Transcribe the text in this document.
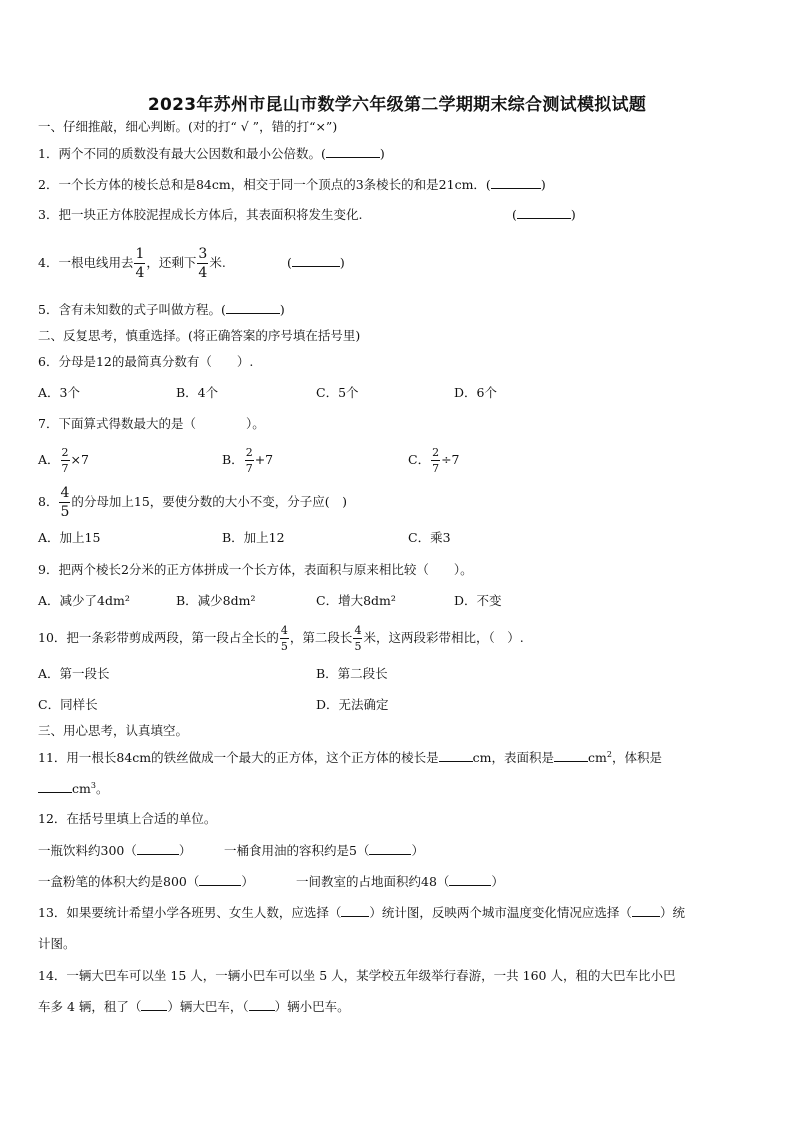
2023年苏州市昆山市数学六年级第二学期期末综合测试模拟试题
一、仔细推敲，细心判断。(对的打“ √ ”，错的打“×”)
1．两个不同的质数没有最大公因数和最小公倍数。(	)
2．一个长方体的棱长总和是84cm，相交于同一个顶点的3条棱长的和是21cm．(	)
3．把一块正方体胶泥捏成长方体后，其表面积将发生变化.	(	)
4．一根电线用去 $\frac{1}{4}$ ，还剩下 $\frac{3}{4}$ 米.	(	)
5．含有未知数的式子叫做方程。(	)
二、反复思考，慎重选择。(将正确答案的序号填在括号里)
6．分母是12的最简真分数有（　　）.
A．3个	B．4个	C．5个	D．6个
7．下面算式得数最大的是（　　　　）。
A． $\frac{2}{7} \times 7$	B． $\frac{2}{7} +7$	C． $\frac{2}{7} \div 7$
8． $\frac{4}{5}$ 的分母加上15，要使分数的大小不变，分子应(　)
A．加上15	B．加上12	C．乘3
9．把两个棱长2分米的正方体拼成一个长方体，表面积与原来相比较（　　）。
A．减少了4dm²	B．减少8dm²	C．增大8dm²	D．不变
10．把一条彩带剪成两段，第一段占全长的 $\frac{4}{5}$ ，第二段长 $\frac{4}{5}$ 米，这两段彩带相比，（　）.
A．第一段长	B．第二段长
C．同样长	D．无法确定
三、用心思考，认真填空。
11．用一根长84cm的铁丝做成一个最大的正方体，这个正方体的棱长是	cm，表面积是	$cm^2$，体积是
$cm^3$。
12．在括号里填上合适的单位。
一瓶饮料约300（	）	一桶食用油的容积约是5（	）
一盒粉笔的体积大约是800（	）	一间教室的占地面积约48（	）
13．如果要统计希望小学各班男、女生人数，应选择（ ）统计图，反映两个城市温度变化情况应选择（ ）统
计图。
14．一辆大巴车可以坐 15 人，一辆小巴车可以坐 5 人，某学校五年级举行春游，一共 160 人，租的大巴车比小巴
车多 4 辆，租了（ ）辆大巴车，（ ）辆小巴车。
